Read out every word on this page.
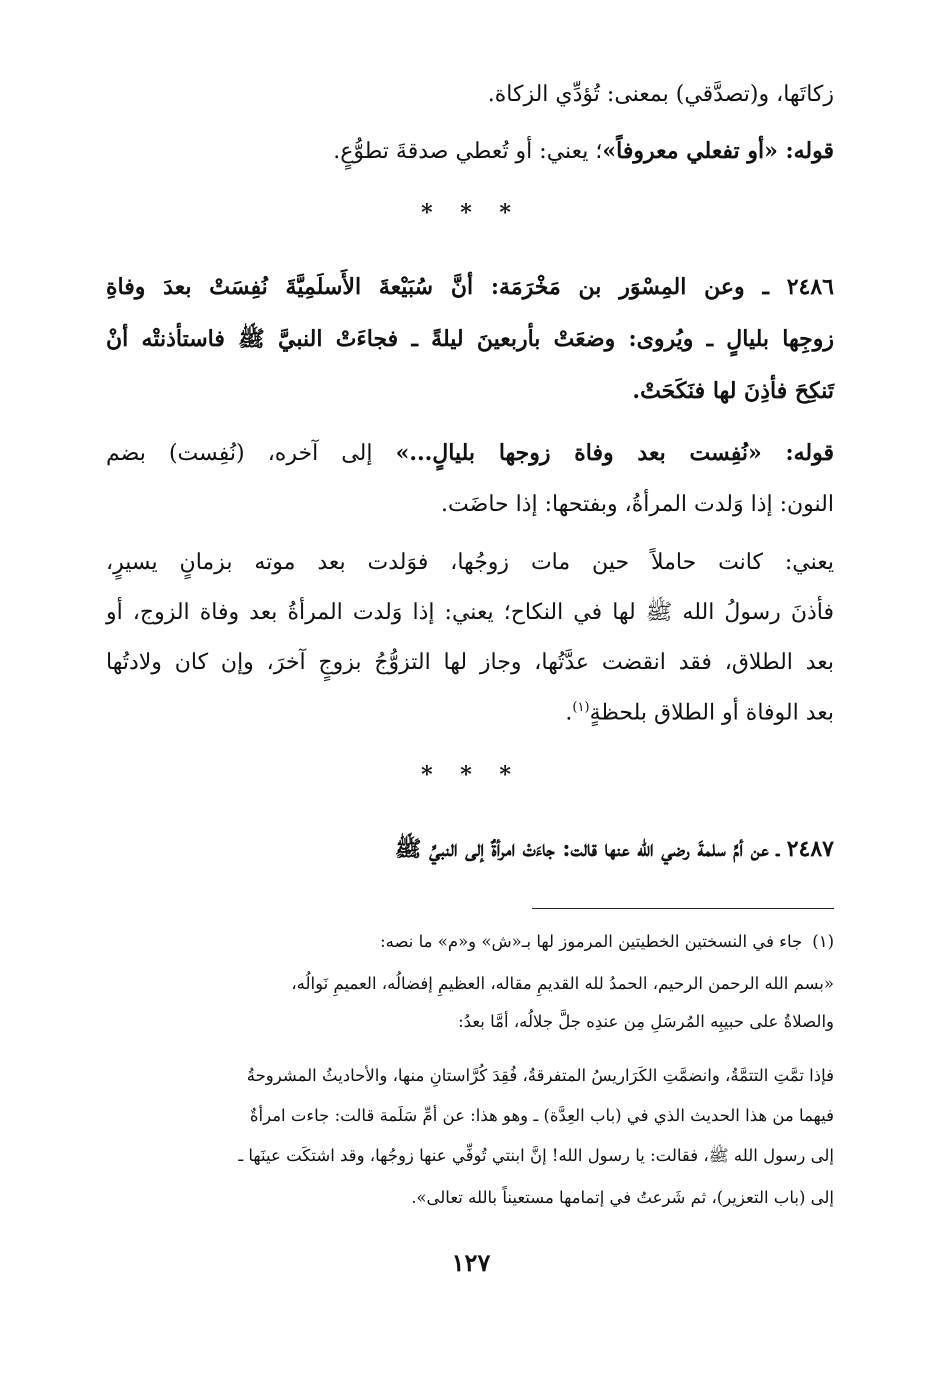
زكاتَها، و(تصدَّقي) بمعنى: تُؤدِّي الزكاة.
قوله: «أو تفعلي معروفاً»؛ يعني: أو تُعطي صدقةَ تطوُّعٍ.
* * *
٢٤٨٦ ـ وعن المِسْوَر بن مَخْرَمَة: أنَّ سُبَيْعةَ الأَسلَمِيَّةَ نُفِسَتْ بعدَ وفاةِ
زوجِها بليالٍ ـ ويُروى: وضعَتْ بأربعينَ ليلةً ـ فجاءَتْ النبيَّ ﷺ فاستأذنتْه أنْ
تَنكِحَ فأذِنَ لها فنَكَحَتْ.
قوله: «نُفِست بعد وفاة زوجها بليالٍ...» إلى آخره، (نُفِست) بضم
النون: إذا وَلدت المرأةُ، وبفتحها: إذا حاضَت.
يعني: كانت حاملاً حين مات زوجُها، فوَلدت بعد موته بزمانٍ يسيرٍ،
فأذنَ رسولُ الله ﷺ لها في النكاح؛ يعني: إذا وَلدت المرأةُ بعد وفاة الزوج، أو
بعد الطلاق، فقد انقضت عدَّتُها، وجاز لها التزوُّجُ بزوجٍ آخرَ، وإن كان ولادتُها
بعد الوفاة أو الطلاق بلحظةٍ$^{(١)}$.
* * *
٢٤٨٧ ـ عن أمِّ سلمةَ رضي الله عنها قالت: جاءَتْ امرأةٌ إلى النبيِّ ﷺ
(١)جاء في النسختين الخطيتين المرموز لها بـ«ش» و«م» ما نصه:
«بسم الله الرحمن الرحيم، الحمدُ لله القديمِ مقاله، العظيمِ إفضالُه، العميمِ نَوالُه،
والصلاةُ على حبيبِه المُرسَلِ مِن عندِه جلَّ جلالُه، أمَّا بعدُ:
فإذا تمَّتِ التتمَّةُ، وانضمَّتِ الكَرَاريسُ المتفرقةُ، فُقِدَ كُرَّاستانِ منها، والأحاديثُ المشروحةُ
فيهما من هذا الحديث الذي في (باب العِدَّة) ـ وهو هذا: عن أمِّ سَلَمة قالت: جاءت امرأةٌ
إلى رسول الله ﷺ، فقالت: يا رسول الله! إنَّ ابنتي تُوفِّي عنها زوجُها، وقد اشتكَت عينَها ـ
إلى (باب التعزير)، ثم شَرعتُ في إتمامها مستعيناً بالله تعالى».
١٢٧
